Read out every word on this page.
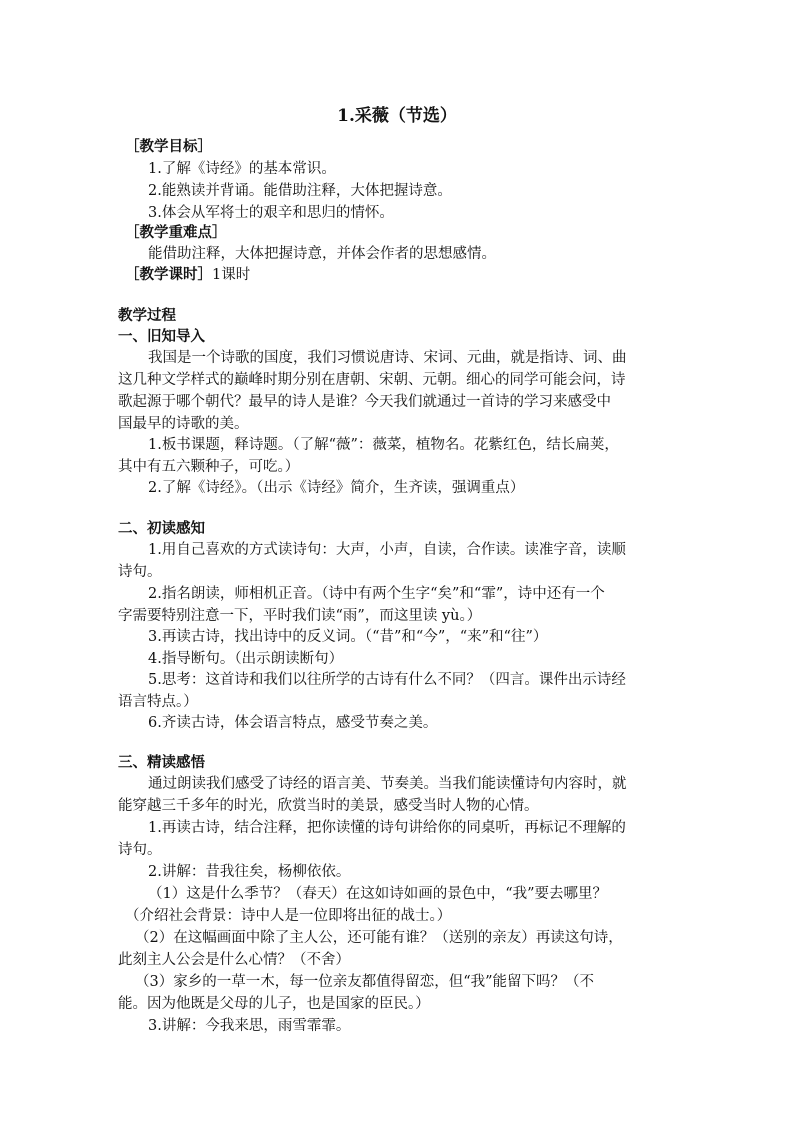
1.采薇（节选）
［教学目标］
1.了解《诗经》的基本常识。
2.能熟读并背诵。能借助注释，大体把握诗意。
3.体会从军将士的艰辛和思归的情怀。
［教学重难点］
能借助注释，大体把握诗意，并体会作者的思想感情。
［教学课时］1课时
教学过程
一、旧知导入
我国是一个诗歌的国度，我们习惯说唐诗、宋词、元曲，就是指诗、词、曲
这几种文学样式的巅峰时期分别在唐朝、宋朝、元朝。细心的同学可能会问，诗
歌起源于哪个朝代？最早的诗人是谁？今天我们就通过一首诗的学习来感受中
国最早的诗歌的美。
1.板书课题，释诗题。（了解“薇”：薇菜，植物名。花紫红色，结长扁荚，
其中有五六颗种子，可吃。）
2.了解《诗经》。（出示《诗经》简介，生齐读，强调重点）
二、初读感知
1.用自己喜欢的方式读诗句：大声，小声，自读，合作读。读准字音，读顺
诗句。
2.指名朗读，师相机正音。（诗中有两个生字“矣”和“霏”，诗中还有一个
字需要特别注意一下，平时我们读“雨”，而这里读 yù。）
3.再读古诗，找出诗中的反义词。（“昔”和“今”，“来”和“往”）
4.指导断句。（出示朗读断句）
5.思考：这首诗和我们以往所学的古诗有什么不同？（四言。课件出示诗经
语言特点。）
6.齐读古诗，体会语言特点，感受节奏之美。
三、精读感悟
通过朗读我们感受了诗经的语言美、节奏美。当我们能读懂诗句内容时，就
能穿越三千多年的时光，欣赏当时的美景，感受当时人物的心情。
1.再读古诗，结合注释，把你读懂的诗句讲给你的同桌听，再标记不理解的
诗句。
2.讲解：昔我往矣，杨柳依依。
（1）这是什么季节？（春天）在这如诗如画的景色中，“我”要去哪里？
（介绍社会背景：诗中人是一位即将出征的战士。）
（2）在这幅画面中除了主人公，还可能有谁？（送别的亲友）再读这句诗，
此刻主人公会是什么心情？（不舍）
（3）家乡的一草一木，每一位亲友都值得留恋，但“我”能留下吗？（不
能。因为他既是父母的儿子，也是国家的臣民。）
3.讲解：今我来思，雨雪霏霏。
